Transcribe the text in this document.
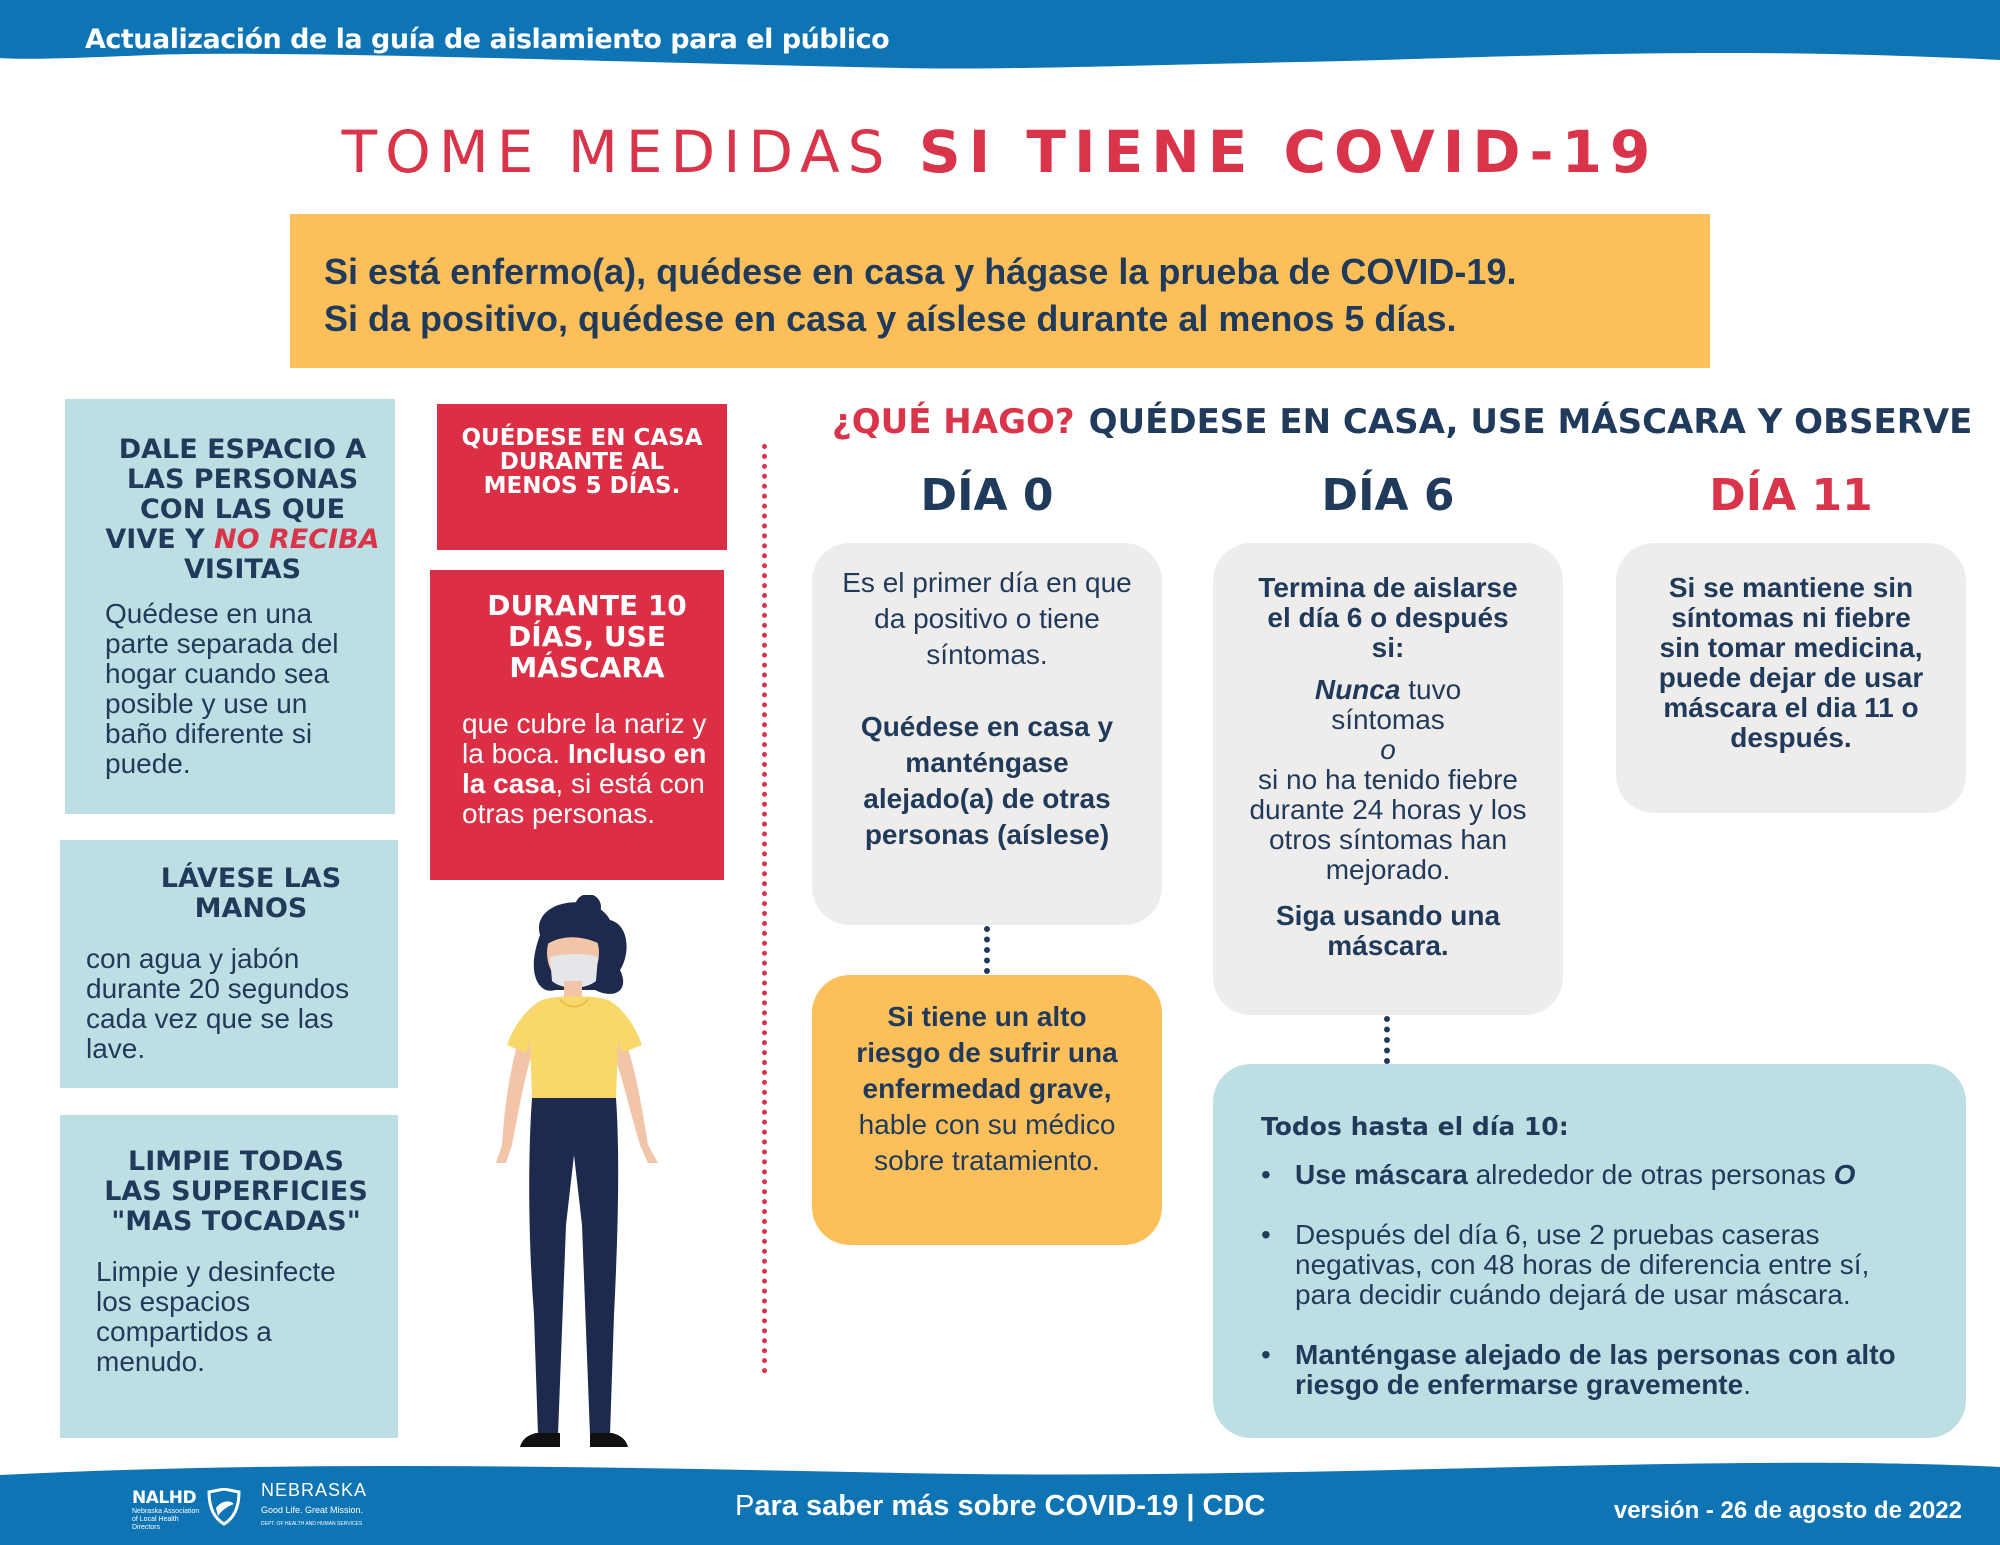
Actualización de la guía de aislamiento para el público
TOME MEDIDAS SI TIENE COVID-19
Si está enfermo(a), quédese en casa y hágase la prueba de COVID-19.
Si da positivo, quédese en casa y aíslese durante al menos 5 días.
DALE ESPACIO A LAS PERSONAS CON LAS QUE VIVE Y NO RECIBA VISITAS
Quédese en una parte separada del hogar cuando sea posible y use un baño diferente si puede.
LÁVESE LAS MANOS
con agua y jabón durante 20 segundos cada vez que se las lave.
LIMPIE TODAS LAS SUPERFICIES "MAS TOCADAS"
Limpie y desinfecte los espacios compartidos a menudo.
QUÉDESE EN CASA DURANTE AL MENOS 5 DÍAS.
DURANTE 10 DÍAS, USE MÁSCARA
que cubre la nariz y la boca. Incluso en la casa, si está con otras personas.
¿QUÉ HAGO? QUÉDESE EN CASA, USE MÁSCARA Y OBSERVE
DÍA 0	DÍA 6	DÍA 11
Es el primer día en que da positivo o tiene síntomas.
Quédese en casa y manténgase alejado(a) de otras personas (aíslese)
Si tiene un alto riesgo de sufrir una enfermedad grave, hable con su médico sobre tratamiento.
Termina de aislarse el día 6 o después si:
Nunca tuvo síntomas
o
si no ha tenido fiebre durante 24 horas y los otros síntomas han mejorado.
Siga usando una máscara.
Si se mantiene sin síntomas ni fiebre sin tomar medicina, puede dejar de usar máscara el dia 11 o después.
Todos hasta el día 10:
• Use máscara alrededor de otras personas O
• Después del día 6, use 2 pruebas caseras negativas, con 48 horas de diferencia entre sí, para decidir cuándo dejará de usar máscara.
• Manténgase alejado de las personas con alto riesgo de enfermarse gravemente.
NALHD
Nebraska Association of Local Health Directors
NEBRASKA
Good Life. Great Mission.
DEPT. OF HEALTH AND HUMAN SERVICES
Para saber más sobre COVID-19 | CDC	versión - 26 de agosto de 2022
